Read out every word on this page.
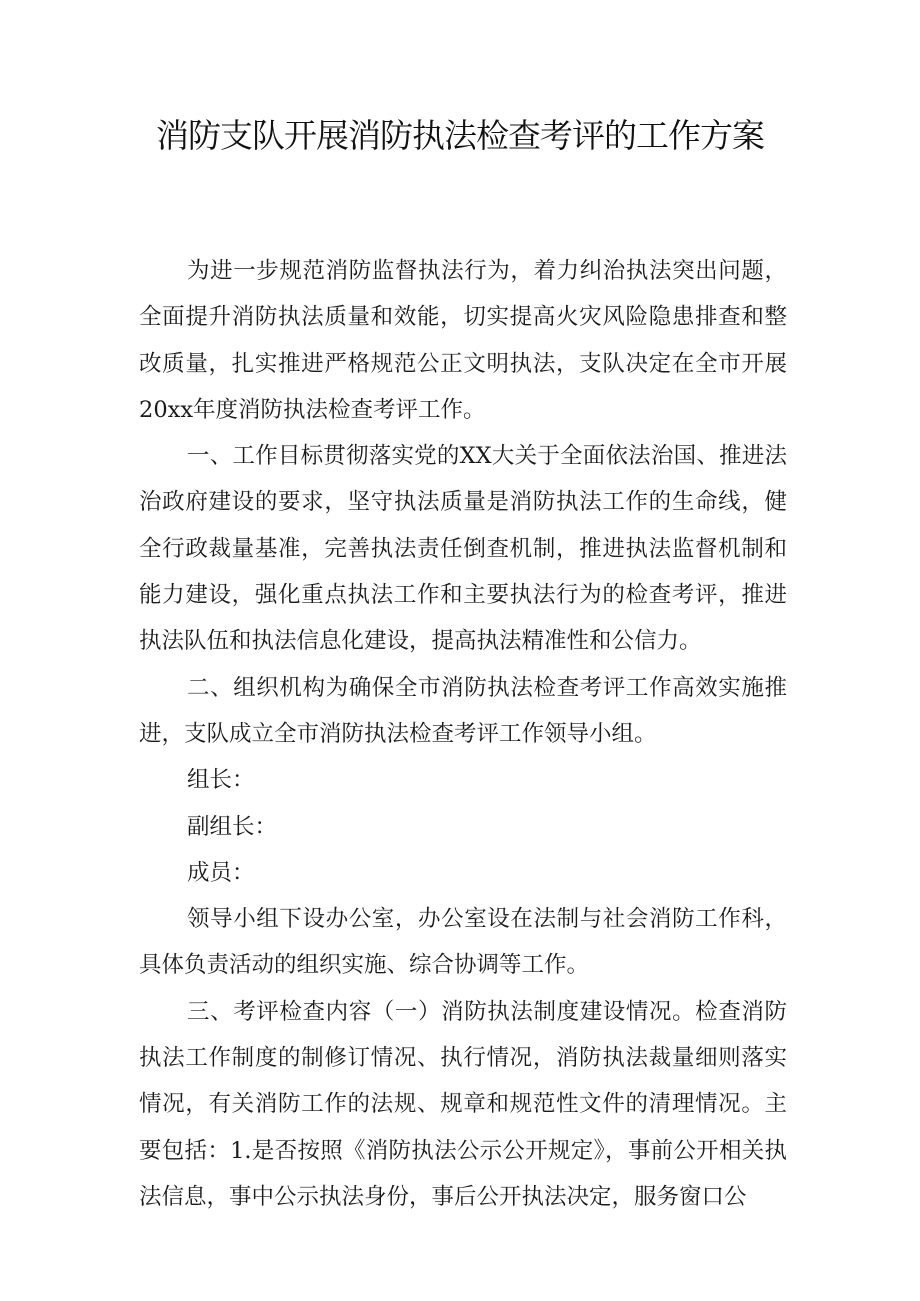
消防支队开展消防执法检查考评的工作方案

为进一步规范消防监督执法行为，着力纠治执法突出问题，全面提升消防执法质量和效能，切实提高火灾风险隐患排查和整改质量，扎实推进严格规范公正文明执法，支队决定在全市开展20xx年度消防执法检查考评工作。

一、工作目标贯彻落实党的XX大关于全面依法治国、推进法治政府建设的要求，坚守执法质量是消防执法工作的生命线，健全行政裁量基准，完善执法责任倒查机制，推进执法监督机制和能力建设，强化重点执法工作和主要执法行为的检查考评，推进执法队伍和执法信息化建设，提高执法精准性和公信力。

二、组织机构为确保全市消防执法检查考评工作高效实施推进，支队成立全市消防执法检查考评工作领导小组。

组长：

副组长：

成员：

领导小组下设办公室，办公室设在法制与社会消防工作科，具体负责活动的组织实施、综合协调等工作。

三、考评检查内容（一）消防执法制度建设情况。检查消防执法工作制度的制修订情况、执行情况，消防执法裁量细则落实情况，有关消防工作的法规、规章和规范性文件的清理情况。主要包括：1.是否按照《消防执法公示公开规定》，事前公开相关执法信息，事中公示执法身份，事后公开执法决定，服务窗口公
